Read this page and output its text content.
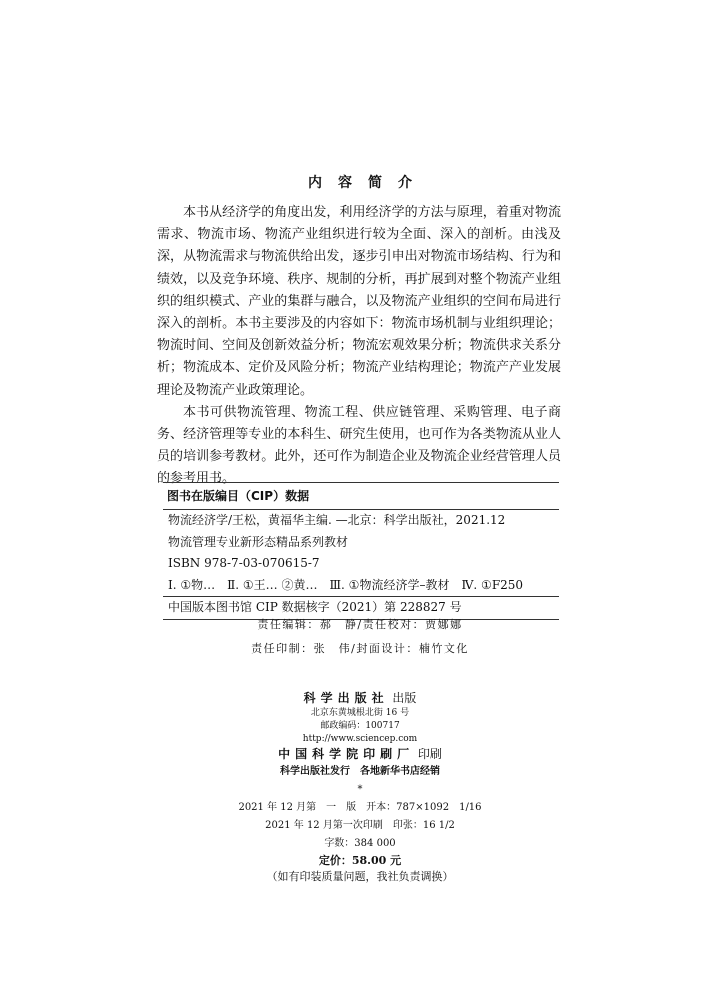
内容简介

本书从经济学的角度出发，利用经济学的方法与原理，着重对物流需求、物流市场、物流产业组织进行较为全面、深入的剖析。由浅及深，从物流需求与物流供给出发，逐步引申出对物流市场结构、行为和绩效，以及竞争环境、秩序、规制的分析，再扩展到对整个物流产业组织的组织模式、产业的集群与融合，以及物流产业组织的空间布局进行深入的剖析。本书主要涉及的内容如下：物流市场机制与业组织理论；物流时间、空间及创新效益分析；物流宏观效果分析；物流供求关系分析；物流成本、定价及风险分析；物流产业结构理论；物流产产业发展理论及物流产业政策理论。

本书可供物流管理、物流工程、供应链管理、采购管理、电子商务、经济管理等专业的本科生、研究生使用，也可作为各类物流从业人员的培训参考教材。此外，还可作为制造企业及物流企业经营管理人员的参考用书。

图书在版编目（CIP）数据
物流经济学/王松，黄福华主编. —北京：科学出版社，2021.12
物流管理专业新形态精品系列教材
ISBN 978-7-03-070615-7
Ⅰ. ①物…　Ⅱ. ①王… ②黄…　Ⅲ. ①物流经济学–教材　Ⅳ. ①F250
中国版本图书馆 CIP 数据核字（2021）第 228827 号
责任编辑：郝　静/责任校对：贾娜娜
责任印制：张　伟/封面设计：楠竹文化
科学出版社 出版
北京东黄城根北街 16 号
邮政编码：100717
http://www.sciencep.com
中国科学院印刷厂 印刷
科学出版社发行　各地新华书店经销
*
2021 年 12 月第　一　版　开本：787×1092　1/16
2021 年 12 月第一次印刷　印张：16 1/2
字数：384 000
定价：58.00 元
（如有印装质量问题，我社负责调换）
